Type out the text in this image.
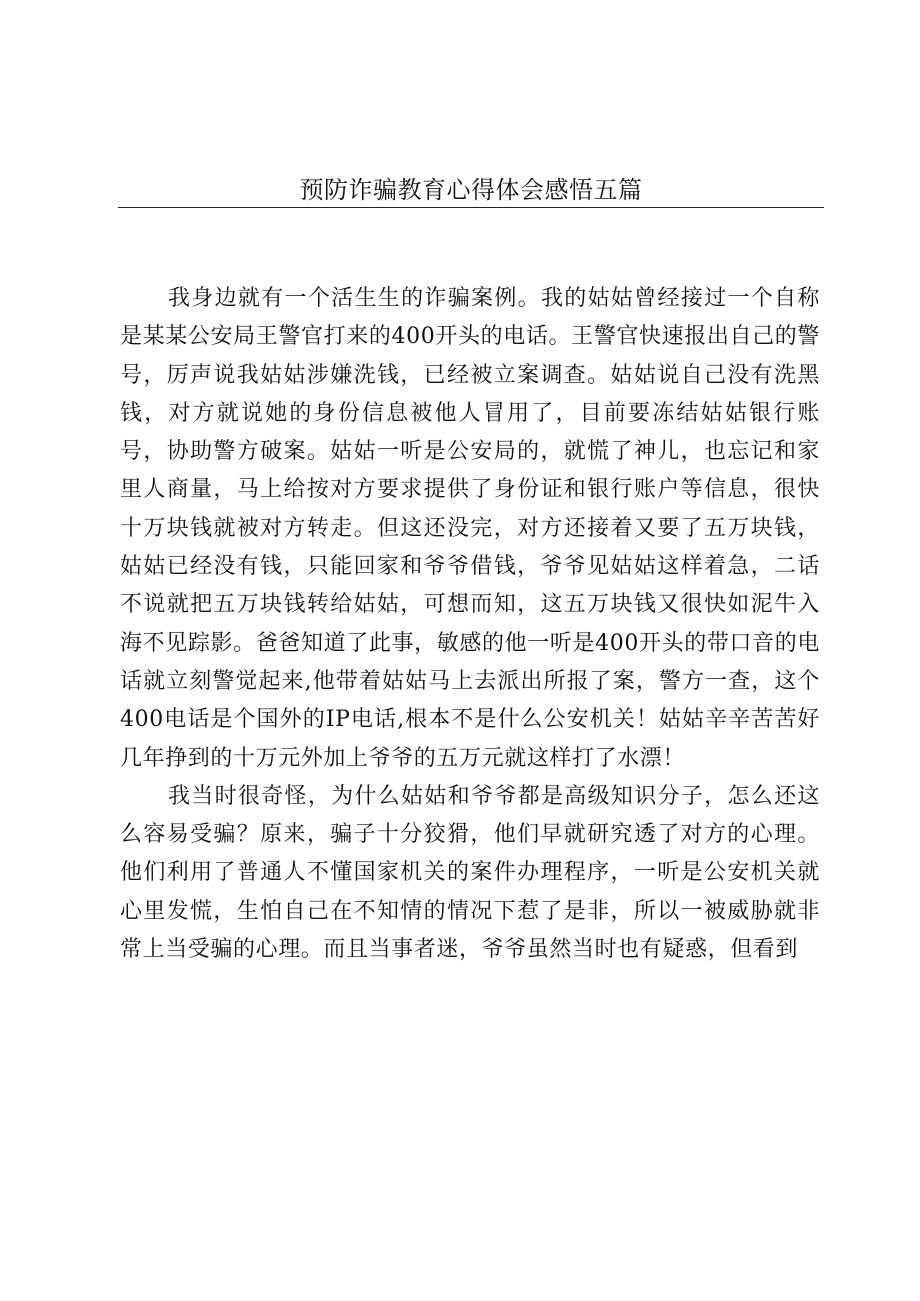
预防诈骗教育心得体会感悟五篇

我身边就有一个活生生的诈骗案例。我的姑姑曾经接过一个自称是某某公安局王警官打来的400开头的电话。王警官快速报出自己的警号，厉声说我姑姑涉嫌洗钱，已经被立案调查。姑姑说自己没有洗黑钱，对方就说她的身份信息被他人冒用了，目前要冻结姑姑银行账号，协助警方破案。姑姑一听是公安局的，就慌了神儿，也忘记和家里人商量，马上给按对方要求提供了身份证和银行账户等信息，很快十万块钱就被对方转走。但这还没完，对方还接着又要了五万块钱，姑姑已经没有钱，只能回家和爷爷借钱，爷爷见姑姑这样着急，二话不说就把五万块钱转给姑姑，可想而知，这五万块钱又很快如泥牛入海不见踪影。爸爸知道了此事，敏感的他一听是400开头的带口音的电话就立刻警觉起来,他带着姑姑马上去派出所报了案，警方一查，这个400电话是个国外的IP电话,根本不是什么公安机关！姑姑辛辛苦苦好几年挣到的十万元外加上爷爷的五万元就这样打了水漂！

我当时很奇怪，为什么姑姑和爷爷都是高级知识分子，怎么还这么容易受骗？原来，骗子十分狡猾，他们早就研究透了对方的心理。他们利用了普通人不懂国家机关的案件办理程序，一听是公安机关就心里发慌，生怕自己在不知情的情况下惹了是非，所以一被威胁就非常上当受骗的心理。而且当事者迷，爷爷虽然当时也有疑惑，但看到
